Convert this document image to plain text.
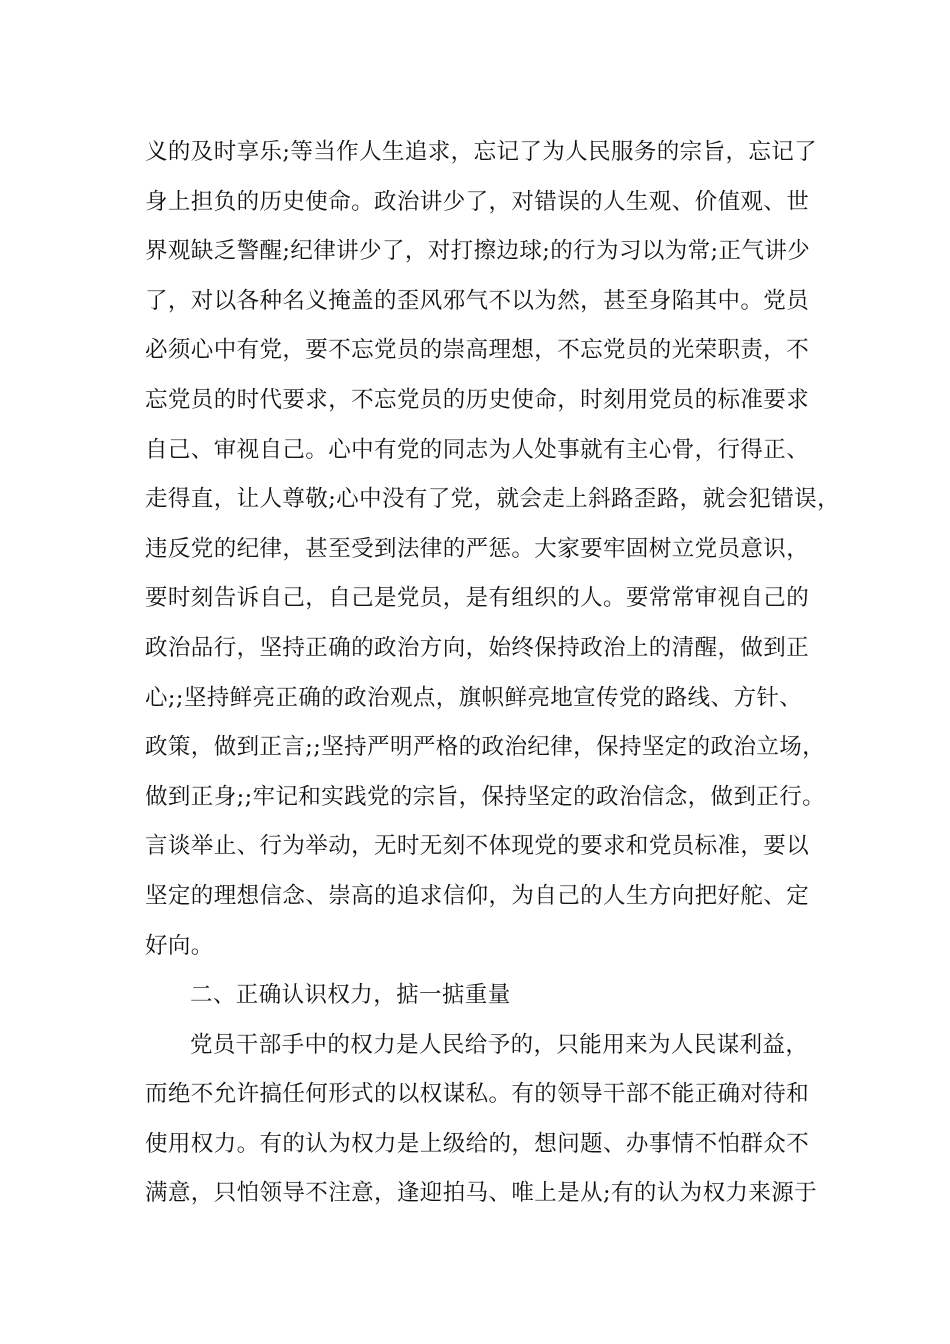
义的及时享乐;等当作人生追求，忘记了为人民服务的宗旨，忘记了
身上担负的历史使命。政治讲少了，对错误的人生观、价值观、世
界观缺乏警醒;纪律讲少了，对打擦边球;的行为习以为常;正气讲少
了，对以各种名义掩盖的歪风邪气不以为然，甚至身陷其中。党员
必须心中有党，要不忘党员的崇高理想，不忘党员的光荣职责，不
忘党员的时代要求，不忘党员的历史使命，时刻用党员的标准要求
自己、审视自己。心中有党的同志为人处事就有主心骨，行得正、
走得直，让人尊敬;心中没有了党，就会走上斜路歪路，就会犯错误，
违反党的纪律，甚至受到法律的严惩。大家要牢固树立党员意识，
要时刻告诉自己，自己是党员，是有组织的人。要常常审视自己的
政治品行，坚持正确的政治方向，始终保持政治上的清醒，做到正
心;;坚持鲜亮正确的政治观点，旗帜鲜亮地宣传党的路线、方针、
政策，做到正言;;坚持严明严格的政治纪律，保持坚定的政治立场，
做到正身;;牢记和实践党的宗旨，保持坚定的政治信念，做到正行。
言谈举止、行为举动，无时无刻不体现党的要求和党员标准，要以
坚定的理想信念、崇高的追求信仰，为自己的人生方向把好舵、定
好向。
二、正确认识权力，掂一掂重量
党员干部手中的权力是人民给予的，只能用来为人民谋利益，
而绝不允许搞任何形式的以权谋私。有的领导干部不能正确对待和
使用权力。有的认为权力是上级给的，想问题、办事情不怕群众不
满意，只怕领导不注意，逢迎拍马、唯上是从;有的认为权力来源于
